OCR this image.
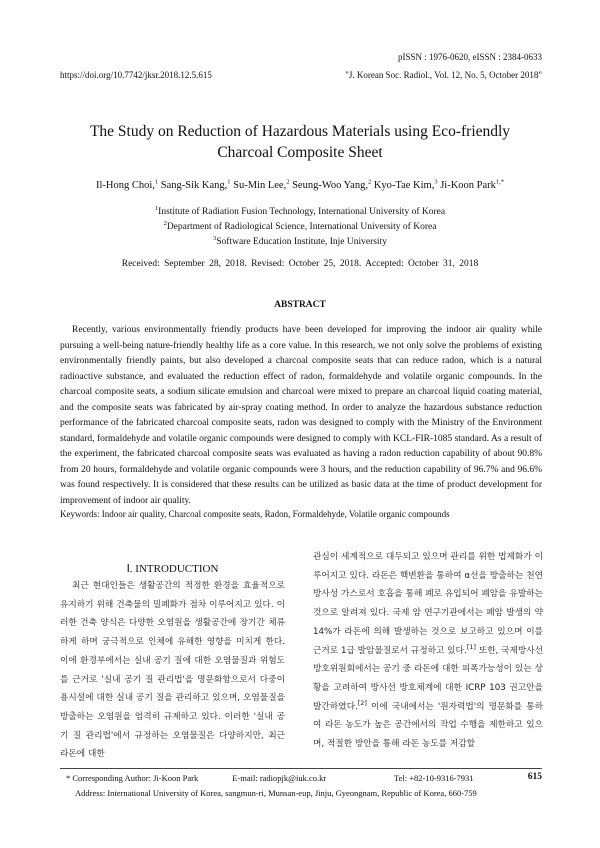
pISSN : 1976-0620, eISSN : 2384-0633
https://doi.org/10.7742/jksr.2018.12.5.615	"J. Korean Soc. Radiol., Vol. 12, No. 5, October 2018"
The Study on Reduction of Hazardous Materials using Eco-friendly
Charcoal Composite Sheet
Il-Hong Choi,$^1$ Sang-Sik Kang,$^1$ Su-Min Lee,$^2$ Seung-Woo Yang,$^2$ Kyo-Tae Kim,$^3$ Ji-Koon Park$^{1,*}$
$^1$Institute of Radiation Fusion Technology, International University of Korea
$^2$Department of Radiological Science, International University of Korea
$^3$Software Education Institute, Inje University
Received: September 28, 2018. Revised: October 25, 2018. Accepted: October 31, 2018
ABSTRACT

Recently, various environmentally friendly products have been developed for improving the indoor air quality while pursuing a well-being nature-friendly healthy life as a core value. In this research, we not only solve the problems of existing environmentally friendly paints, but also developed a charcoal composite seats that can reduce radon, which is a natural radioactive substance, and evaluated the reduction effect of radon, formaldehyde and volatile organic compounds. In the charcoal composite seats, a sodium silicate emulsion and charcoal were mixed to prepare an charcoal liquid coating material, and the composite seats was fabricated by air-spray coating method. In order to analyze the hazardous substance reduction performance of the fabricated charcoal composite seats, radon was designed to comply with the Ministry of the Environment standard, formaldehyde and volatile organic compounds were designed to comply with KCL-FIR-1085 standard. As a result of the experiment, the fabricated charcoal composite seats was evaluated as having a radon reduction capability of about 90.8% from 20 hours, formaldehyde and volatile organic compounds were 3 hours, and the reduction capability of 96.7% and 96.6% was found respectively. It is considered that these results can be utilized as basic data at the time of product development for improvement of indoor air quality.

Keywords: Indoor air quality, Charcoal composite seats, Radon, Formaldehyde, Volatile organic compounds
Ⅰ. INTRODUCTION

최근 현대인들은 생활공간의 적정한 환경을 효율적으로 유지하기 위해 건축물의 밀폐화가 점차 이루어지고 있다. 이러한 건축 양식은 다양한 오염원을 생활공간에 장기간 체류하게 하며 궁극적으로 인체에 유해한 영향을 미치게 한다. 이에 환경부에서는 실내 공기 질에 대한 오염물질과 위험도를 근거로 '실내 공기 질 관리법'을 명문화함으로서 다중이용시설에 대한 실내 공기 질을 관리하고 있으며, 오염물질을 방출하는 오염원을 엄격히 규제하고 있다. 이러한 '실내 공기 질 관리법'에서 규정하는 오염물질은 다양하지만, 최근 라돈에 대한

관심이 세계적으로 대두되고 있으며 관리를 위한 법제화가 이루어지고 있다. 라돈은 핵변환을 통하여 α선을 방출하는 천연방사성 가스로서 호흡을 통해 폐로 유입되어 폐암을 유발하는 것으로 알려져 있다. 국제 암 연구기관에서는 폐암 발생의 약 14%가 라돈에 의해 발생하는 것으로 보고하고 있으며 이를 근거로 1급 발암물질로서 규정하고 있다.[1] 또한, 국제방사선방호위원회에서는 공기 중 라돈에 대한 피폭가능성이 있는 상황을 고려하여 방사선 방호체계에 대한 ICRP 103 권고안을 발간하였다.[2] 이에 국내에서는 '원자력법'의 명문화를 통하여 라돈 농도가 높은 공간에서의 작업 수행을 제한하고 있으며, 적절한 방안을 통해 라돈 농도를 저감할

* Corresponding Author: Ji-Koon Park                E-mail: radiopjk@iuk.co.kr                                Tel: +82-10-9316-7931
Address: International University of Korea, sangmun-ri, Munsan-eup, Jinju, Gyeongnam, Republic of Korea, 660-759
615
